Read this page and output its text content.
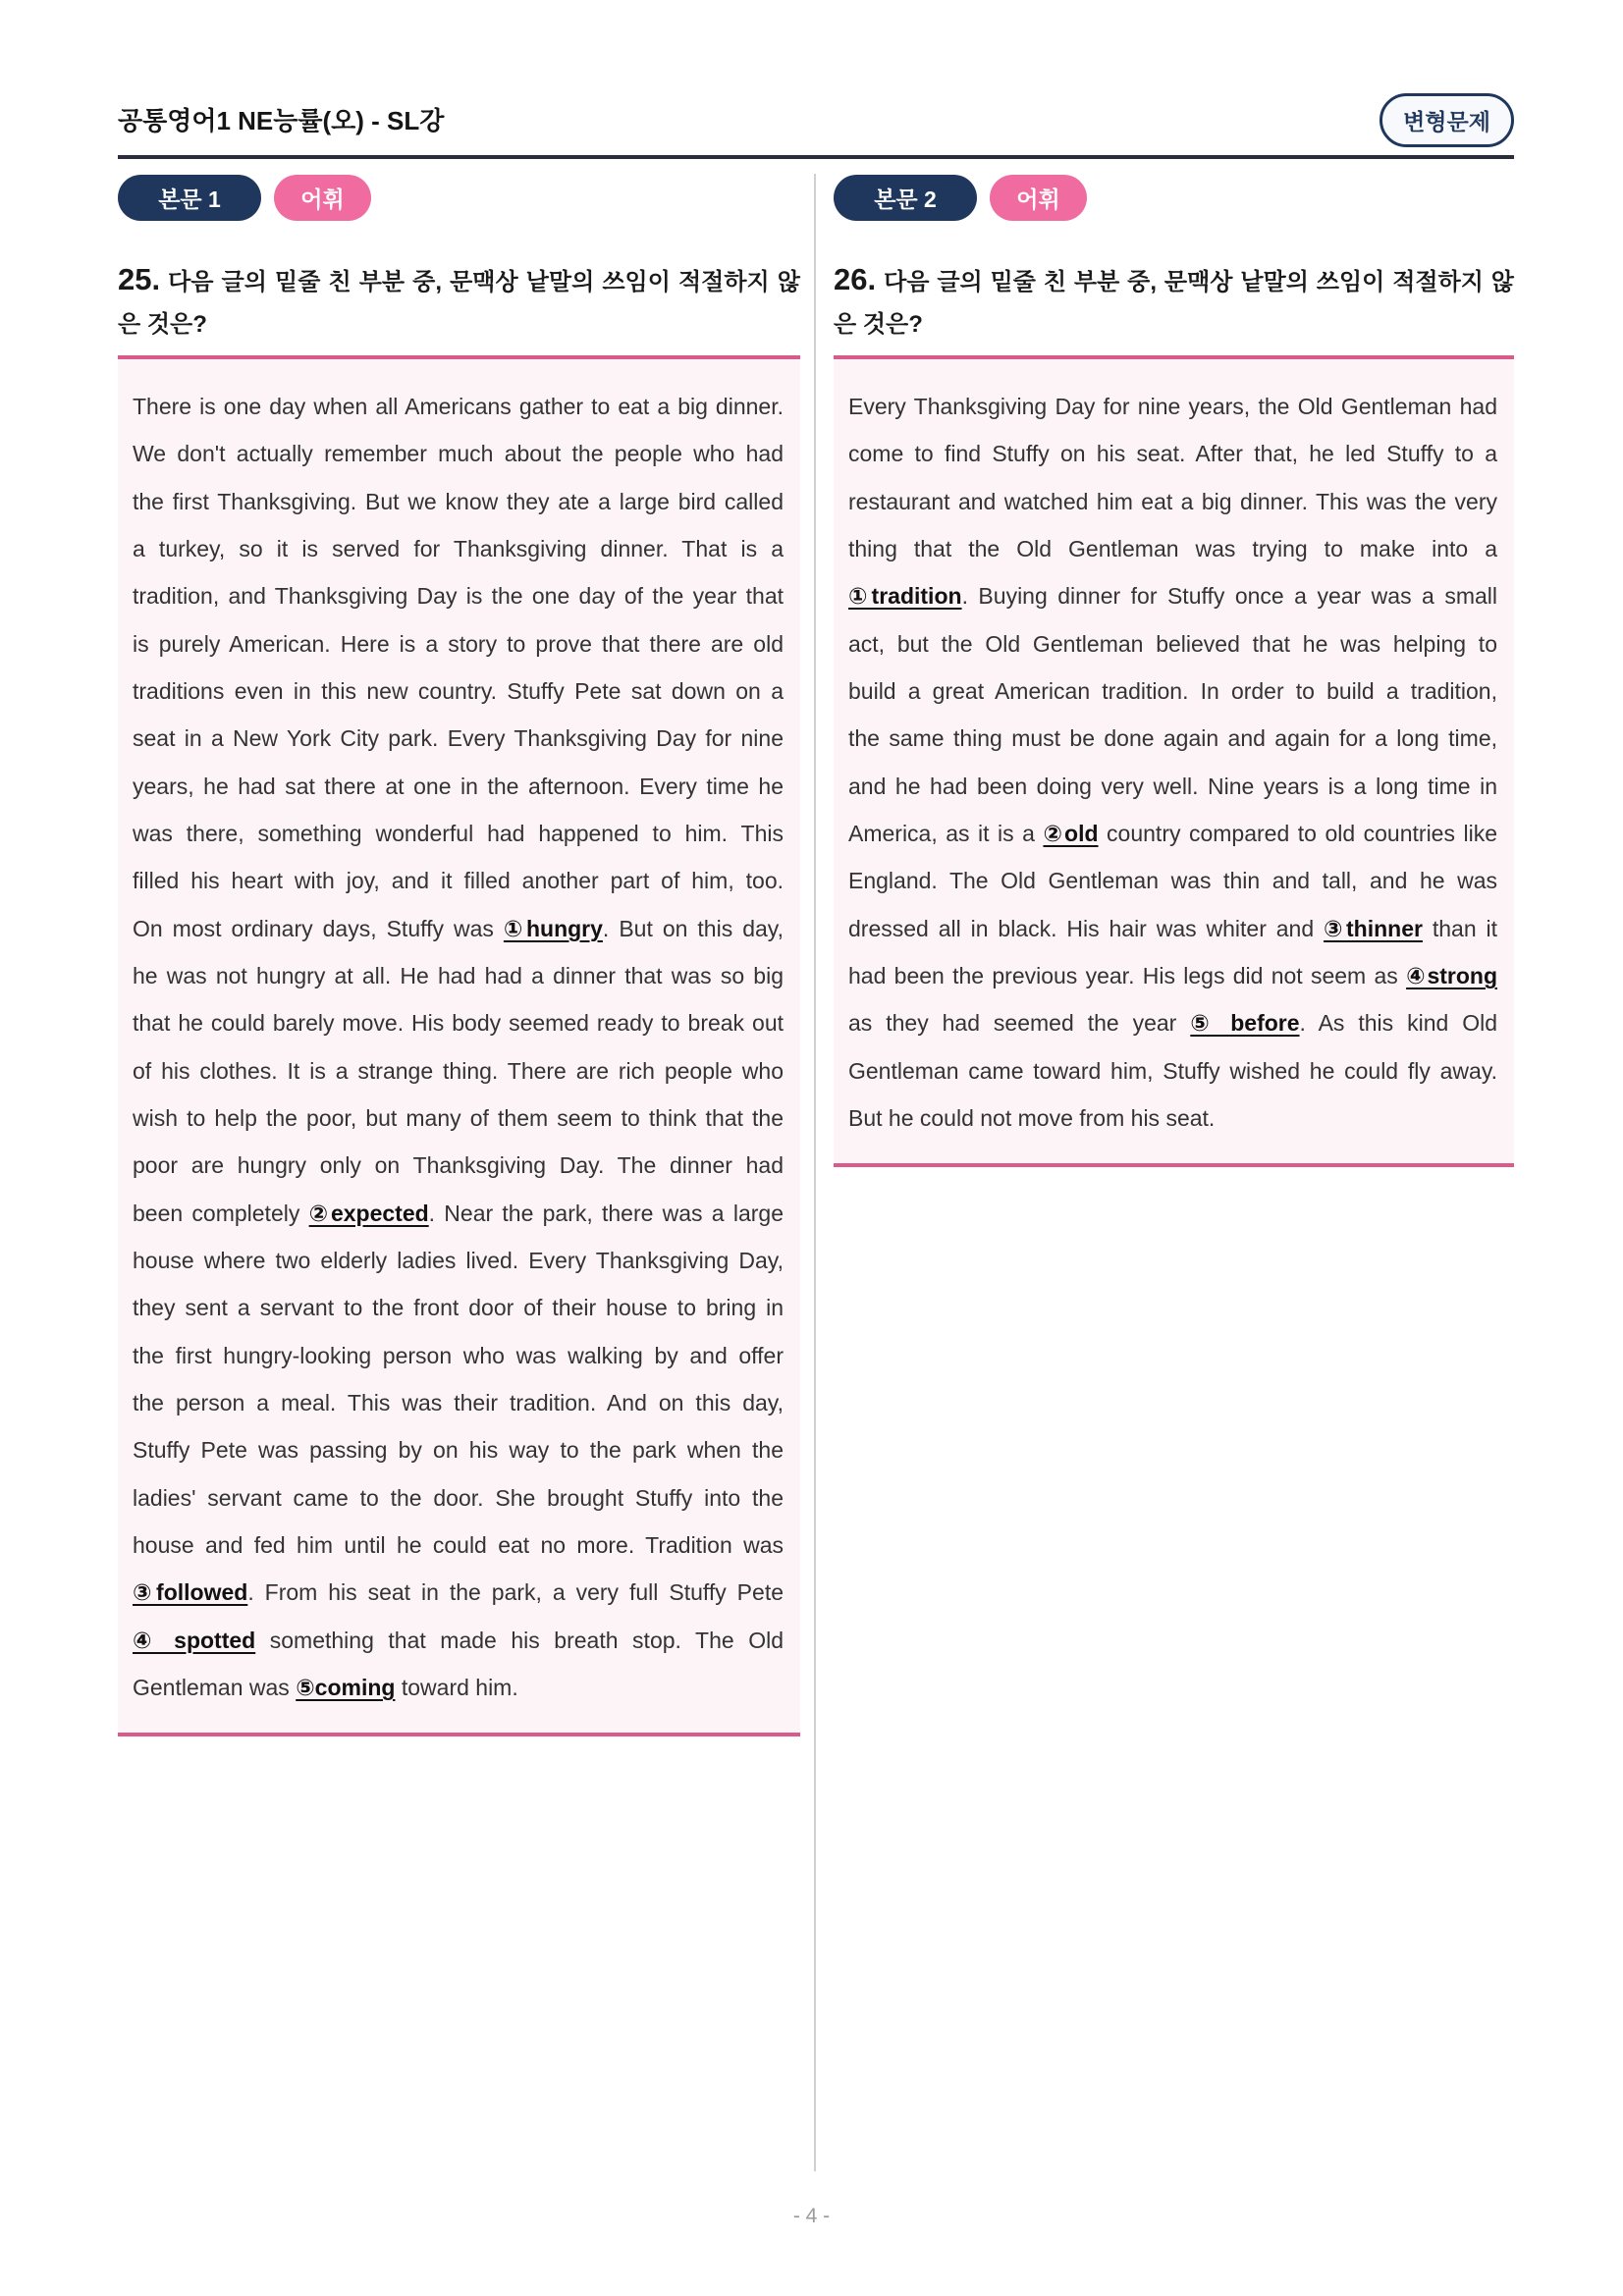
공통영어1 NE능률(오) - SL강	변형문제
본문 1	어휘
25. 다음 글의 밑줄 친 부분 중, 문맥상 낱말의 쓰임이 적절하지 않은 것은?
There is one day when all Americans gather to eat a big dinner.
We don't actually remember much about the people who had
the first Thanksgiving. But we know they ate a large bird called
a turkey, so it is served for Thanksgiving dinner. That is a
tradition, and Thanksgiving Day is the one day of the year that
is purely American. Here is a story to prove that there are old
traditions even in this new country. Stuffy Pete sat down on a
seat in a New York City park. Every Thanksgiving Day for nine
years, he had sat there at one in the afternoon. Every time he
was there, something wonderful had happened to him. This
filled his heart with joy, and it filled another part of him, too.
On most ordinary days, Stuffy was ①hungry. But on this day,
he was not hungry at all. He had had a dinner that was so big
that he could barely move. His body seemed ready to break out
of his clothes. It is a strange thing. There are rich people who
wish to help the poor, but many of them seem to think that the
poor are hungry only on Thanksgiving Day. The dinner had
been completely ②expected. Near the park, there was a large
house where two elderly ladies lived. Every Thanksgiving Day,
they sent a servant to the front door of their house to bring in
the first hungry-looking person who was walking by and offer
the person a meal. This was their tradition. And on this day,
Stuffy Pete was passing by on his way to the park when the
ladies' servant came to the door. She brought Stuffy into the
house and fed him until he could eat no more. Tradition was
③followed. From his seat in the park, a very full Stuffy Pete
④ spotted something that made his breath stop. The Old
Gentleman was ⑤coming toward him.
본문 2	어휘
26. 다음 글의 밑줄 친 부분 중, 문맥상 낱말의 쓰임이 적절하지 않은 것은?
Every Thanksgiving Day for nine years, the Old Gentleman had
come to find Stuffy on his seat. After that, he led Stuffy to a
restaurant and watched him eat a big dinner. This was the very
thing that the Old Gentleman was trying to make into a
①tradition. Buying dinner for Stuffy once a year was a small
act, but the Old Gentleman believed that he was helping to
build a great American tradition. In order to build a tradition,
the same thing must be done again and again for a long time,
and he had been doing very well. Nine years is a long time in
America, as it is a ②old country compared to old countries like
England. The Old Gentleman was thin and tall, and he was
dressed all in black. His hair was whiter and ③thinner than it
had been the previous year. His legs did not seem as ④strong
as they had seemed the year ⑤ before. As this kind Old
Gentleman came toward him, Stuffy wished he could fly away.
But he could not move from his seat.
- 4 -
